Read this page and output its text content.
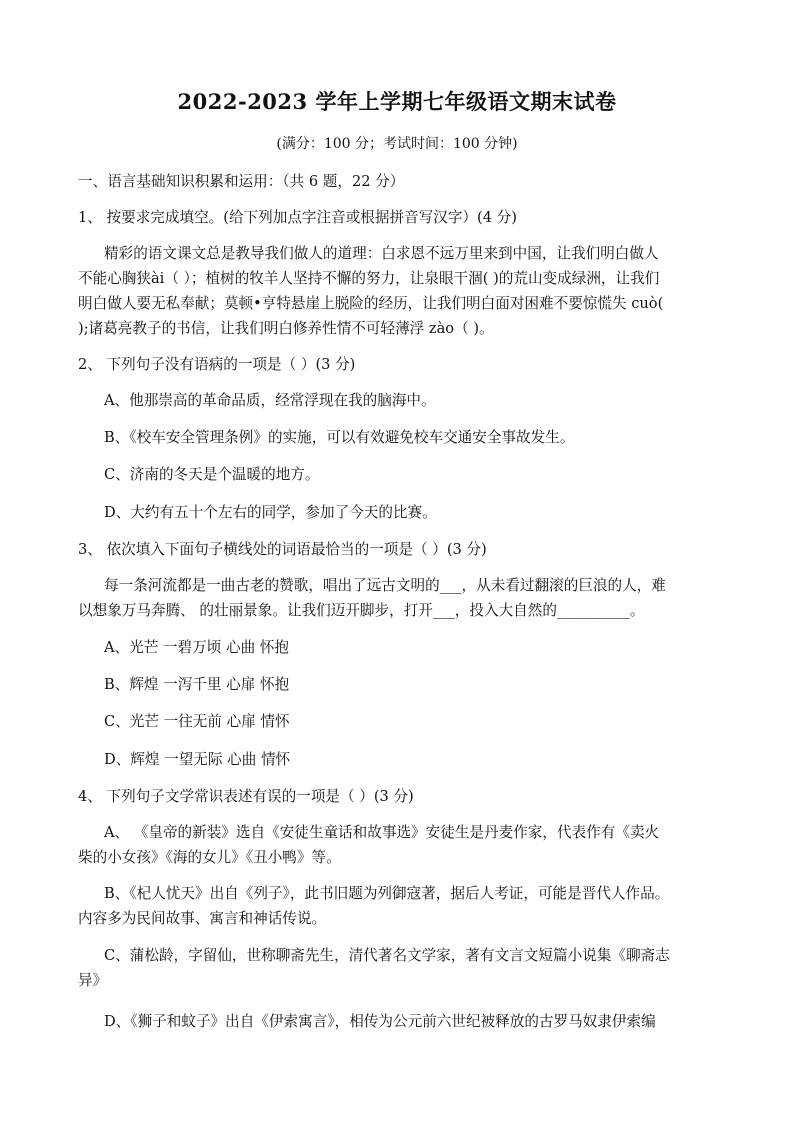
2022-2023 学年上学期七年级语文期末试卷
(满分：100 分；考试时间：100 分钟)
一、语言基础知识积累和运用：（共 6 题，22 分）
1、 按要求完成填空。(给下列加点字注音或根据拼音写汉字）(4 分)
精彩的语文课文总是教导我们做人的道理：白求恩不远万里来到中国，让我们明白做人
不能心胸狭ài（ ）；植树的牧羊人坚持不懈的努力，让泉眼干涸( )的荒山变成绿洲，让我们
明白做人要无私奉献；莫顿•亨特悬崖上脱险的经历，让我们明白面对困难不要惊慌失 cuò(
);诸葛亮教子的书信，让我们明白修养性情不可轻薄浮 zào（ )。
2、 下列句子没有语病的一项是（ ）(3 分)
A、他那崇高的革命品质，经常浮现在我的脑海中。
B、《校车安全管理条例》的实施，可以有效避免校车交通安全事故发生。
C、济南的冬天是个温暖的地方。
D、大约有五十个左右的同学，参加了今天的比赛。
3、 依次填入下面句子横线处的词语最恰当的一项是（ ）(3 分)
每一条河流都是一曲古老的赞歌，唱出了远古文明的___，从未看过翻滚的巨浪的人，难
以想象万马奔腾、 的壮丽景象。让我们迈开脚步，打开___，投入大自然的__________。
A、光芒 一碧万顷 心曲 怀抱
B、辉煌 一泻千里 心扉 怀抱
C、光芒 一往无前 心扉 情怀
D、辉煌 一望无际 心曲 情怀
4、 下列句子文学常识表述有误的一项是（ ）(3 分)
A、 《皇帝的新装》选自《安徒生童话和故事选》安徒生是丹麦作家，代表作有《卖火
柴的小女孩》《海的女儿》《丑小鸭》等。
B、《杞人忧天》出自《列子》，此书旧题为列御寇著，据后人考证，可能是晋代人作品。
内容多为民间故事、寓言和神话传说。
C、蒲松龄，字留仙，世称聊斋先生，清代著名文学家，著有文言文短篇小说集《聊斋志
异》
D、《狮子和蚊子》出自《伊索寓言》，相传为公元前六世纪被释放的古罗马奴隶伊索编
